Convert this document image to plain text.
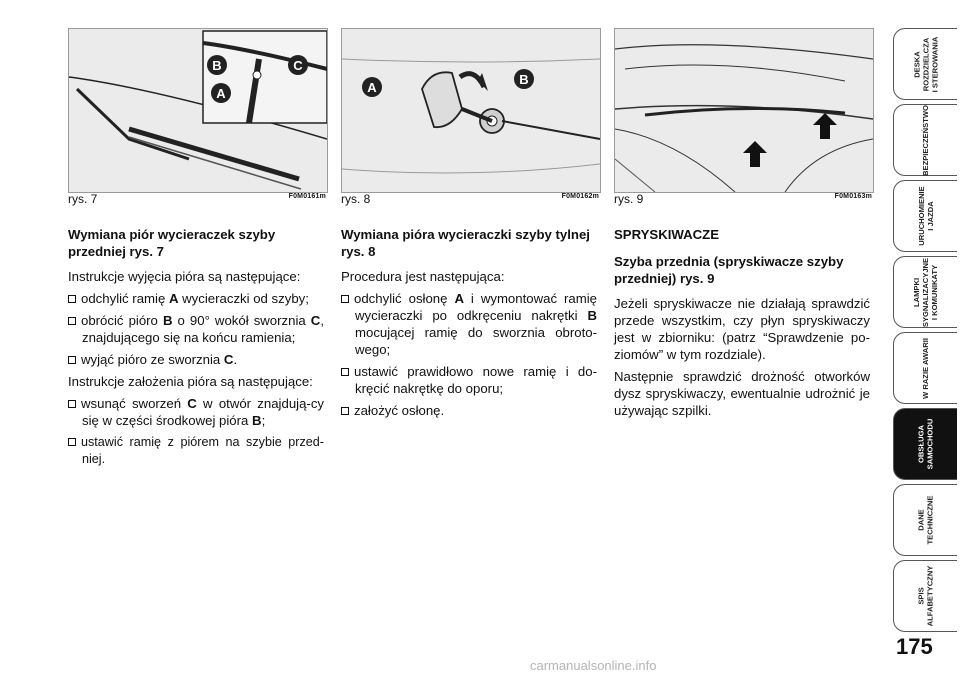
B	C
A
rys. 7	F0M0161m
A
B
rys. 8	F0M0162m rys. 9	F0M0163m
Wymiana piór wycieraczek szyby przedniej rys. 7

Instrukcje wyjęcia pióra są następujące:

odchylić ramię A wycieraczki od szyby;
obrócić pióro B o 90° wokół sworznia C, znajdującego się na końcu ramienia;
wyjąć pióro ze sworznia C.

Instrukcje założenia pióra są następujące:

wsunąć sworzeń C w otwór znajdują-cy się w części środkowej pióra B;
ustawić ramię z piórem na szybie przed-niej.
Wymiana pióra wycieraczki szyby tylnej rys. 8

Procedura jest następująca:

odchylić osłonę A i wymontować ramię wycieraczki po odkręceniu nakrętki B mocującej ramię do sworznia obroto-wego;
ustawić prawidłowo nowe ramię i do-kręcić nakrętkę do oporu;
założyć osłonę.
SPRYSKIWACZE
Szyba przednia (spryskiwacze szyby przedniej) rys. 9

Jeżeli spryskiwacze nie działają sprawdzić przede wszystkim, czy płyn spryskiwaczy jest w zbiorniku: (patrz “Sprawdzenie po-ziomów” w tym rozdziale).

Następnie sprawdzić drożność otworków dysz spryskiwaczy, ewentualnie udrożnić je używając szpilki.

DESKA
ROZDZIELCZA
I STEROWANIA
BEZPIECZEŃSTWO
URUCHOMIENIE
I JAZDA
LAMPKI
SYGNALIZACYJNE
I KOMUNIKATY
W RAZIE AWARII
OBSŁUGA
SAMOCHODU
DANE
TECHNICZNE
SPIS
ALFABETYCZNY
175
carmanualsonline.info
